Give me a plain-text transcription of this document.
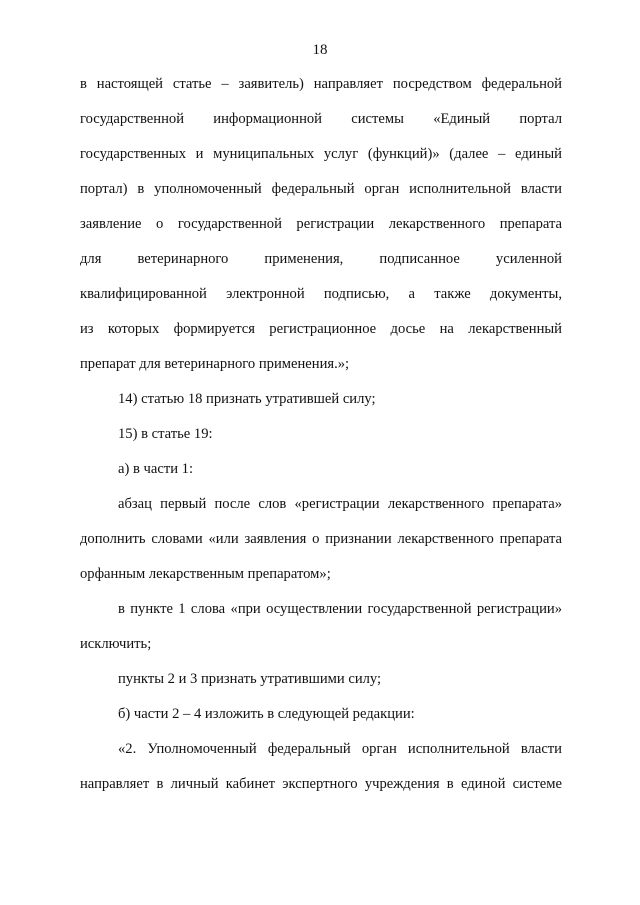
18
в настоящей статье – заявитель) направляет посредством федеральной
государственной информационной системы «Единый портал
государственных и муниципальных услуг (функций)» (далее – единый
портал) в уполномоченный федеральный орган исполнительной власти
заявление о государственной регистрации лекарственного препарата
для ветеринарного применения, подписанное усиленной
квалифицированной электронной подписью, а также документы,
из которых формируется регистрационное досье на лекарственный
препарат для ветеринарного применения.»;
14) статью 18 признать утратившей силу;
15) в статье 19:
а) в части 1:
абзац первый после слов «регистрации лекарственного препарата»
дополнить словами «или заявления о признании лекарственного препарата
орфанным лекарственным препаратом»;
в пункте 1 слова «при осуществлении государственной регистрации»
исключить;
пункты 2 и 3 признать утратившими силу;
б) части 2 – 4 изложить в следующей редакции:
«2. Уполномоченный федеральный орган исполнительной власти
направляет в личный кабинет экспертного учреждения в единой системе
